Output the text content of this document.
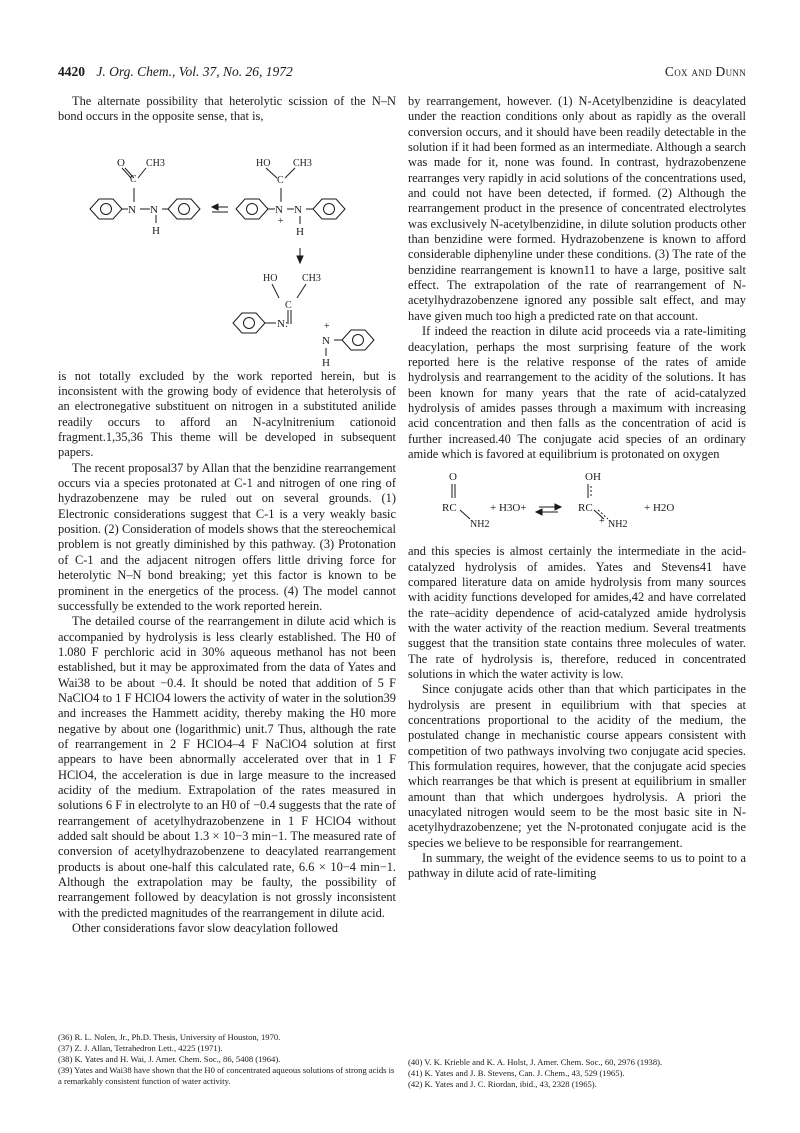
4420 J. Org. Chem., Vol. 37, No. 26, 1972	Cox and Dunn

The alternate possibility that heterolytic scission of the N–N bond occurs in the opposite sense, that is,

O CH3
C
N N
H
HO CH3
C
N N
+
H
HO CH3
C
N:	+
N
H

is not totally excluded by the work reported herein, but is inconsistent with the growing body of evidence that heterolysis of an electronegative substituent on nitrogen in a substituted anilide readily occurs to afford an N-acylnitrenium cationoid fragment.1,35,36 This theme will be developed in subsequent papers.

The recent proposal37 by Allan that the benzidine rearrangement occurs via a species protonated at C-1 and nitrogen of one ring of hydrazobenzene may be ruled out on several grounds. (1) Electronic considerations suggest that C-1 is a very weakly basic position. (2) Consideration of models shows that the stereochemical problem is not greatly diminished by this pathway. (3) Protonation of C-1 and the adjacent nitrogen offers little driving force for heterolytic N–N bond breaking; yet this factor is known to be prominent in the energetics of the process. (4) The model cannot successfully be extended to the work reported herein.

The detailed course of the rearrangement in dilute acid which is accompanied by hydrolysis is less clearly established. The H0 of 1.080 F perchloric acid in 30% aqueous methanol has not been established, but it may be approximated from the data of Yates and Wai38 to be about −0.4. It should be noted that addition of 5 F NaClO4 to 1 F HClO4 lowers the activity of water in the solution39 and increases the Hammett acidity, thereby making the H0 more negative by about one (logarithmic) unit.7 Thus, although the rate of rearrangement in 2 F HClO4–4 F NaClO4 solution at first appears to have been abnormally accelerated over that in 1 F HClO4, the acceleration is due in large measure to the increased acidity of the medium. Extrapolation of the rates measured in solutions 6 F in electrolyte to an H0 of −0.4 suggests that the rate of rearrangement of acetylhydrazobenzene in 1 F HClO4 without added salt should be about 1.3 × 10−3 min−1. The measured rate of conversion of acetylhydrazobenzene to deacylated rearrangement products is about one-half this calculated rate, 6.6 × 10−4 min−1. Although the extrapolation may be faulty, the possibility of rearrangement followed by deacylation is not grossly inconsistent with the predicted magnitudes of the rearrangement in dilute acid.

Other considerations favor slow deacylation followed

by rearrangement, however. (1) N-Acetylbenzidine is deacylated under the reaction conditions only about as rapidly as the overall conversion occurs, and it should have been readily detectable in the solution if it had been formed as an intermediate. Although a search was made for it, none was found. In contrast, hydrazobenzene rearranges very rapidly in acid solutions of the concentrations used, and could not have been detected, if formed. (2) Although the rearrangement product in the presence of concentrated electrolytes was exclusively N-acetylbenzidine, in dilute solution products other than benzidine were formed. Hydrazobenzene is known to afford considerable diphenyline under these conditions. (3) The rate of the benzidine rearrangement is known11 to have a large, positive salt effect. The extrapolation of the rate of rearrangement of N-acetylhydrazobenzene ignored any possible salt effect, and may have given much too high a predicted rate on that account.

If indeed the reaction in dilute acid proceeds via a rate-limiting deacylation, perhaps the most surprising feature of the work reported here is the relative response of the rates of amide hydrolysis and rearrangement to the acidity of the solutions. It has been known for many years that the rate of acid-catalyzed hydrolysis of amides passes through a maximum with increasing acid concentration and then falls as the concentration of acid is further increased.40 The conjugate acid species of an ordinary amide which is favored at equilibrium is protonated on oxygen

O
RC
NH2
+ H3O+
OH
RC
+ NH2
+ H2O

and this species is almost certainly the intermediate in the acid-catalyzed hydrolysis of amides. Yates and Stevens41 have compared literature data on amide hydrolysis from many sources with acidity functions developed for amides,42 and have correlated the rate–acidity dependence of acid-catalyzed amide hydrolysis with the water activity of the reaction medium. Several treatments suggest that the transition state contains three molecules of water. The rate of hydrolysis is, therefore, reduced in concentrated solutions in which the water activity is low.

Since conjugate acids other than that which participates in the hydrolysis are present in equilibrium with that species at concentrations proportional to the acidity of the medium, the postulated change in mechanistic course appears consistent with competition of two pathways involving two conjugate acid species. This formulation requires, however, that the conjugate acid species which rearranges be that which is present at equilibrium in smaller amount than that which undergoes hydrolysis. A priori the unacylated nitrogen would seem to be the most basic site in N-acetylhydrazobenzene; yet the N-protonated conjugate acid is the species we believe to be responsible for rearrangement.

In summary, the weight of the evidence seems to us to point to a pathway in dilute acid of rate-limiting

(36) R. L. Nolen, Jr., Ph.D. Thesis, University of Houston, 1970.
(37) Z. J. Allan, Tetrahedron Lett., 4225 (1971).
(38) K. Yates and H. Wai, J. Amer. Chem. Soc., 86, 5408 (1964).
(39) Yates and Wai38 have shown that the H0 of concentrated aqueous solutions of strong acids is a remarkably consistent function of water activity.
(40) V. K. Krieble and K. A. Holst, J. Amer. Chem. Soc., 60, 2976 (1938).
(41) K. Yates and J. B. Stevens, Can. J. Chem., 43, 529 (1965).
(42) K. Yates and J. C. Riordan, ibid., 43, 2328 (1965).
